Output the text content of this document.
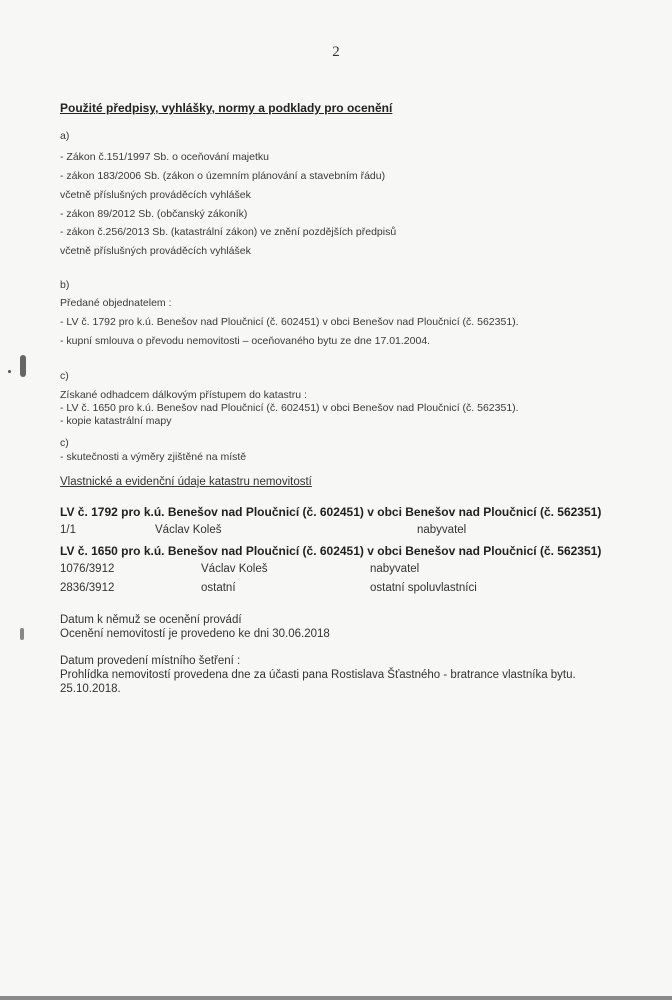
2
Použité předpisy, vyhlášky, normy a podklady pro ocenění
a)
- Zákon č.151/1997 Sb. o oceňování majetku
- zákon 183/2006 Sb. (zákon o územním plánování a stavebním řádu)
včetně příslušných prováděcích vyhlášek
- zákon 89/2012 Sb. (občanský zákoník)
- zákon č.256/2013 Sb. (katastrální zákon) ve znění pozdějších předpisů
včetně příslušných prováděcích vyhlášek
b)
Předané objednatelem :
- LV č. 1792 pro k.ú. Benešov nad Ploučnicí (č. 602451) v obci Benešov nad Ploučnicí (č. 562351).
- kupní smlouva o převodu nemovitosti – oceňovaného bytu ze dne 17.01.2004.
c)
Získané odhadcem dálkovým přístupem do katastru :
- LV č. 1650 pro k.ú. Benešov nad Ploučnicí (č. 602451) v obci Benešov nad Ploučnicí (č. 562351).
- kopie katastrální mapy
c)
- skutečnosti a výměry zjištěné na místě
Vlastnické a evidenční údaje katastru nemovitostí
LV č. 1792 pro k.ú. Benešov nad Ploučnicí (č. 602451) v obci Benešov nad Ploučnicí (č. 562351)
1/1	Václav Koleš	nabyvatel
LV č. 1650 pro k.ú. Benešov nad Ploučnicí (č. 602451) v obci Benešov nad Ploučnicí (č. 562351)
1076/3912	Václav Koleš	nabyvatel
2836/3912	ostatní	ostatní spoluvlastníci
Datum k němuž se ocenění provádí
Ocenění nemovitostí je provedeno ke dni 30.06.2018
Datum provedení místního šetření :
Prohlídka nemovitostí provedena dne za účasti pana Rostislava Šťastného - bratrance vlastníka bytu.
25.10.2018.
